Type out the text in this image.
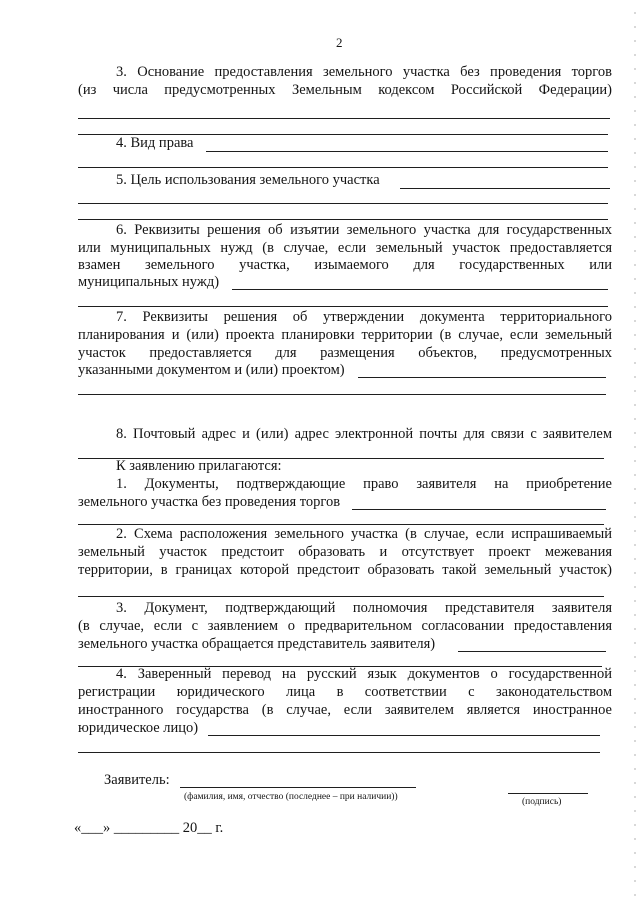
2
3. Основание предоставления земельного участка без проведения торгов
(из числа предусмотренных Земельным кодексом Российской Федерации)
4. Вид права
5. Цель использования земельного участка
6. Реквизиты решения об изъятии земельного участка для государственных
или муниципальных нужд (в случае, если земельный участок предоставляется
взамен земельного участка, изымаемого для государственных или
муниципальных нужд)
7. Реквизиты решения об утверждении документа территориального
планирования и (или) проекта планировки территории (в случае, если земельный
участок предоставляется для размещения объектов, предусмотренных
указанными документом и (или) проектом)
8. Почтовый адрес и (или) адрес электронной почты для связи с заявителем
К заявлению прилагаются:
1. Документы, подтверждающие право заявителя на приобретение
земельного участка без проведения торгов
2. Схема расположения земельного участка (в случае, если испрашиваемый
земельный участок предстоит образовать и отсутствует проект межевания
территории, в границах которой предстоит образовать такой земельный участок)
3. Документ, подтверждающий полномочия представителя заявителя
(в случае, если с заявлением о предварительном согласовании предоставления
земельного участка обращается представитель заявителя)
4. Заверенный перевод на русский язык документов о государственной
регистрации юридического лица в соответствии с законодательством
иностранного государства (в случае, если заявителем является иностранное
юридическое лицо)
Заявитель:
(фамилия, имя, отчество (последнее – при наличии))	(подпись)
«___» _________ 20__ г.
